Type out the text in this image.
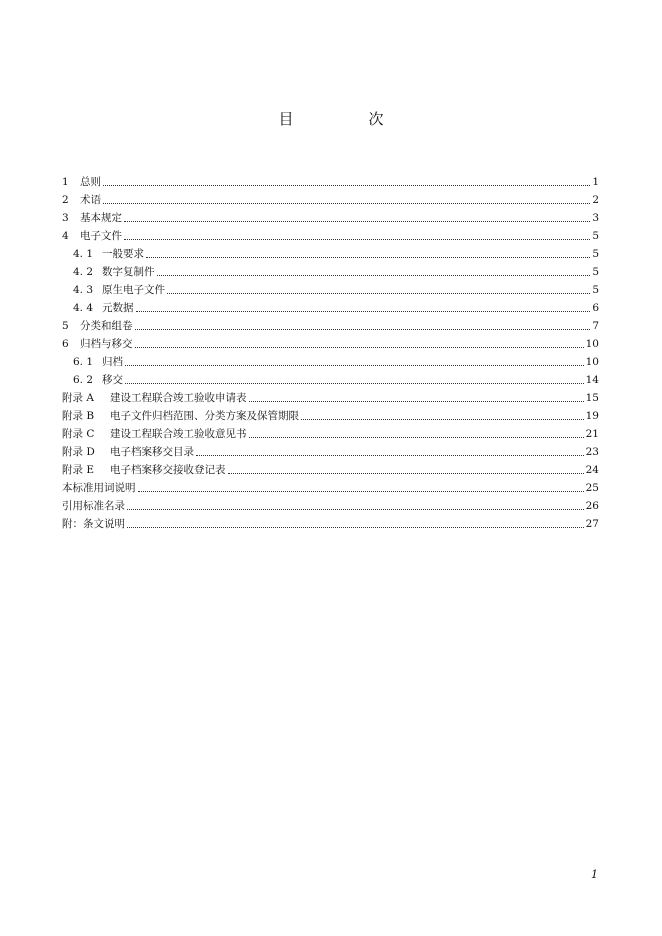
目　次
1	总则	1
2	术语	2
3	基本规定	3
4	电子文件	5
4. 1 一般要求	5
4. 2 数字复制件	5
4. 3 原生电子文件	5
4. 4 元数据	6
5	分类和组卷	7
6	归档与移交	10
6. 1 归档	10
6. 2 移交	14
附录 A	建设工程联合竣工验收申请表	15
附录 B	电子文件归档范围、分类方案及保管期限	19
附录 C	建设工程联合竣工验收意见书	21
附录 D	电子档案移交目录	23
附录 E	电子档案移交接收登记表	24
本标准用词说明	25
引用标准名录	26
附：条文说明	27
1
